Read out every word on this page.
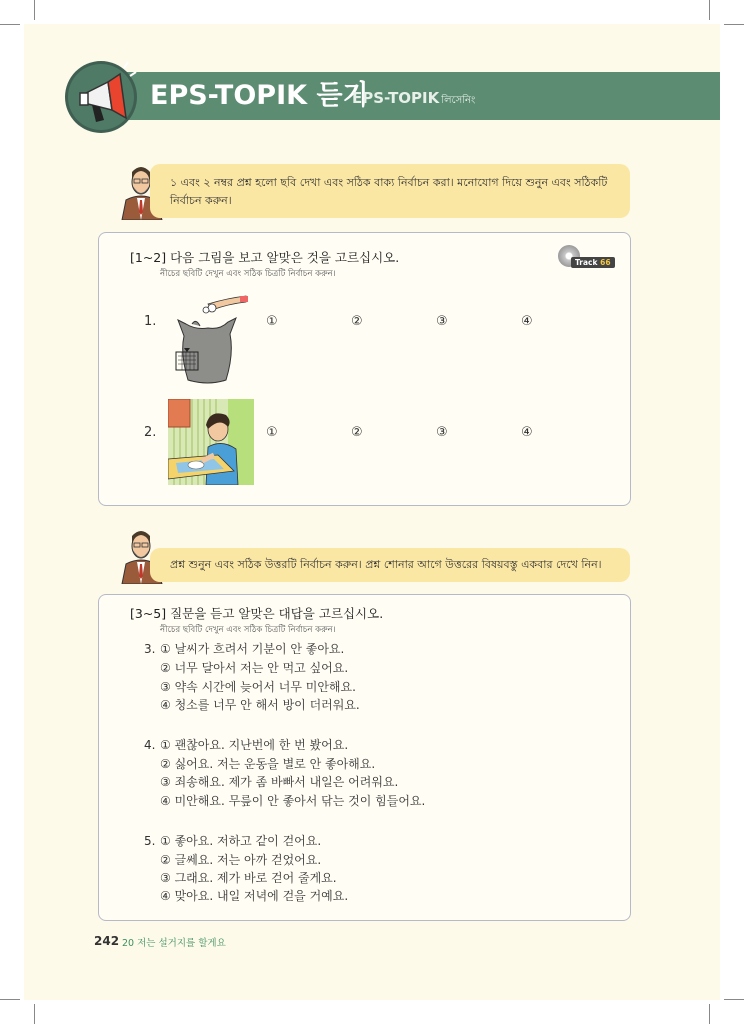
EPS-TOPIK 듣기
EPS-TOPIK লিসেনিং
১ এবং ২ নম্বর প্রশ্ন হলো ছবি দেখা এবং সঠিক বাক্য নির্বাচন করা। মনোযোগ দিয়ে শুনুন এবং সঠিকটি নির্বাচন করুন।
[1~2] 다음 그림을 보고 알맞은 것을 고르십시오.
নীচের ছবিটি দেখুন এবং সঠিক চিত্রটি নির্বাচন করুন।
Track 66
1.	①	②	③	④
2.	①	②	③	④
প্রশ্ন শুনুন এবং সঠিক উত্তরটি নির্বাচন করুন। প্রশ্ন শোনার আগে উত্তরের বিষয়বস্তু একবার দেখে নিন।
[3~5] 질문을 듣고 알맞은 대답을 고르십시오.
নীচের ছবিটি দেখুন এবং সঠিক চিত্রটি নির্বাচন করুন।
3. ① 날씨가 흐려서 기분이 안 좋아요.
② 너무 달아서 저는 안 먹고 싶어요.
③ 약속 시간에 늦어서 너무 미안해요.
④ 청소를 너무 안 해서 방이 더러워요.
4. ① 괜찮아요. 지난번에 한 번 봤어요.
② 싫어요. 저는 운동을 별로 안 좋아해요.
③ 죄송해요. 제가 좀 바빠서 내일은 어려워요.
④ 미안해요. 무릎이 안 좋아서 닦는 것이 힘들어요.
5. ① 좋아요. 저하고 같이 걷어요.
② 글쎄요. 저는 아까 걷었어요.
③ 그래요. 제가 바로 걷어 줄게요.
④ 맞아요. 내일 저녁에 걷을 거예요.
242 20 저는 설거지를 할게요
